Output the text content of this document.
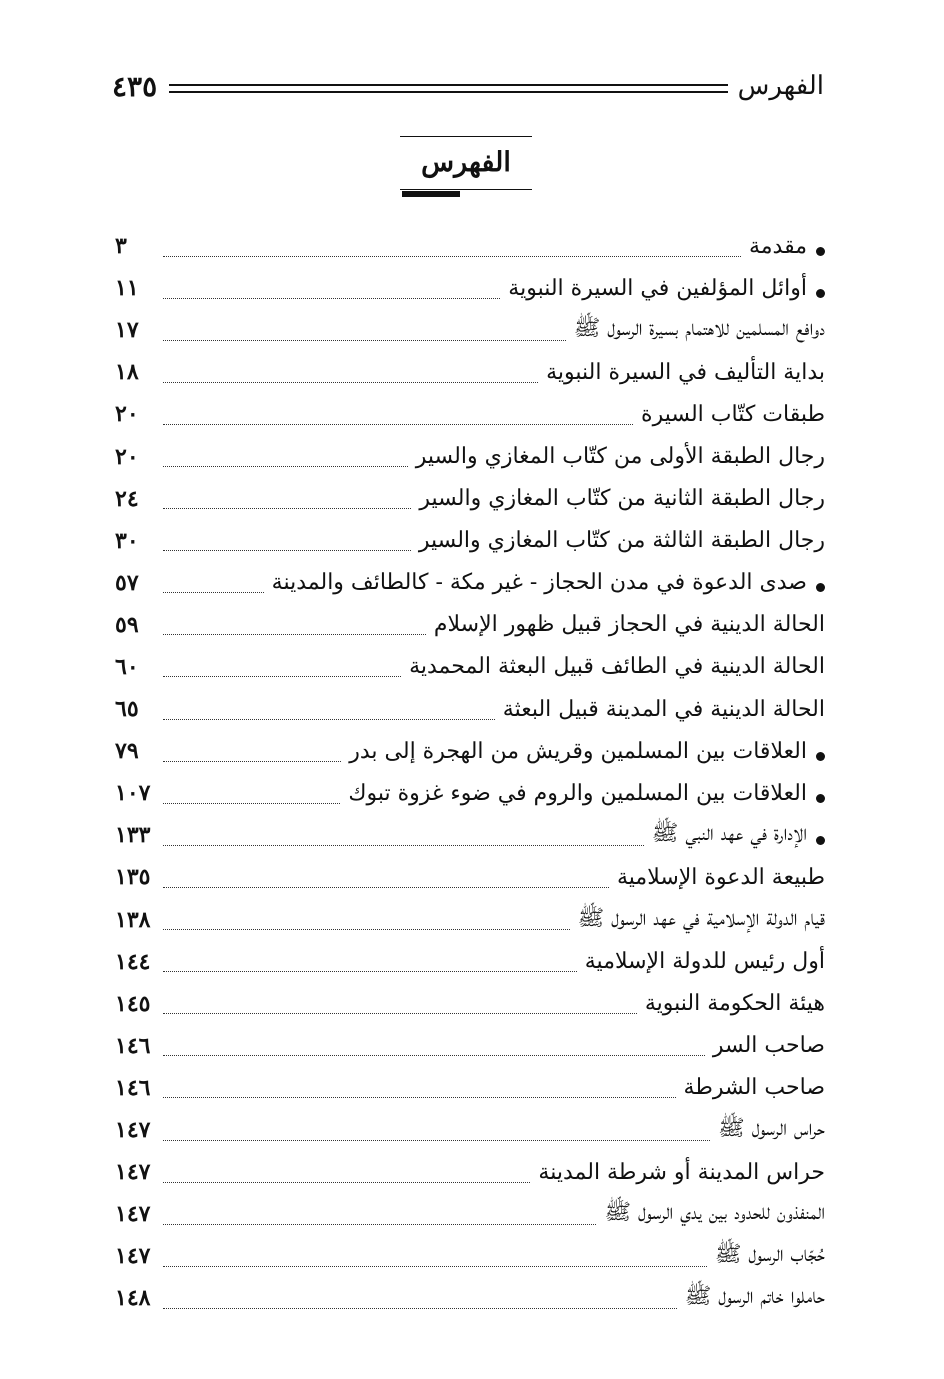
الفهرس
٤٣٥
الفهرس
مقدمة
٣
أوائل المؤلفين في السيرة النبوية
١١
دوافع المسلمين للاهتمام بسيرة الرسول ﷺ
١٧
بداية التأليف في السيرة النبوية
١٨
طبقات كتّاب السيرة
٢٠
رجال الطبقة الأولى من كتّاب المغازي والسير
٢٠
رجال الطبقة الثانية من كتّاب المغازي والسير
٢٤
رجال الطبقة الثالثة من كتّاب المغازي والسير
٣٠
صدى الدعوة في مدن الحجاز - غير مكة - كالطائف والمدينة
٥٧
الحالة الدينية في الحجاز قبيل ظهور الإسلام
٥٩
الحالة الدينية في الطائف قبيل البعثة المحمدية
٦٠
الحالة الدينية في المدينة قبيل البعثة
٦٥
العلاقات بين المسلمين وقريش من الهجرة إلى بدر
٧٩
العلاقات بين المسلمين والروم في ضوء غزوة تبوك
١٠٧
الإدارة في عهد النبي ﷺ
١٣٣
طبيعة الدعوة الإسلامية
١٣٥
قيام الدولة الإسلامية في عهد الرسول ﷺ
١٣٨
أول رئيس للدولة الإسلامية
١٤٤
هيئة الحكومة النبوية
١٤٥
صاحب السر
١٤٦
صاحب الشرطة
١٤٦
حراس الرسول ﷺ
١٤٧
حراس المدينة أو شرطة المدينة
١٤٧
المنفذون للحدود بين يدي الرسول ﷺ
١٤٧
حُجّاب الرسول ﷺ
١٤٧
حاملوا خاتم الرسول ﷺ
١٤٨
